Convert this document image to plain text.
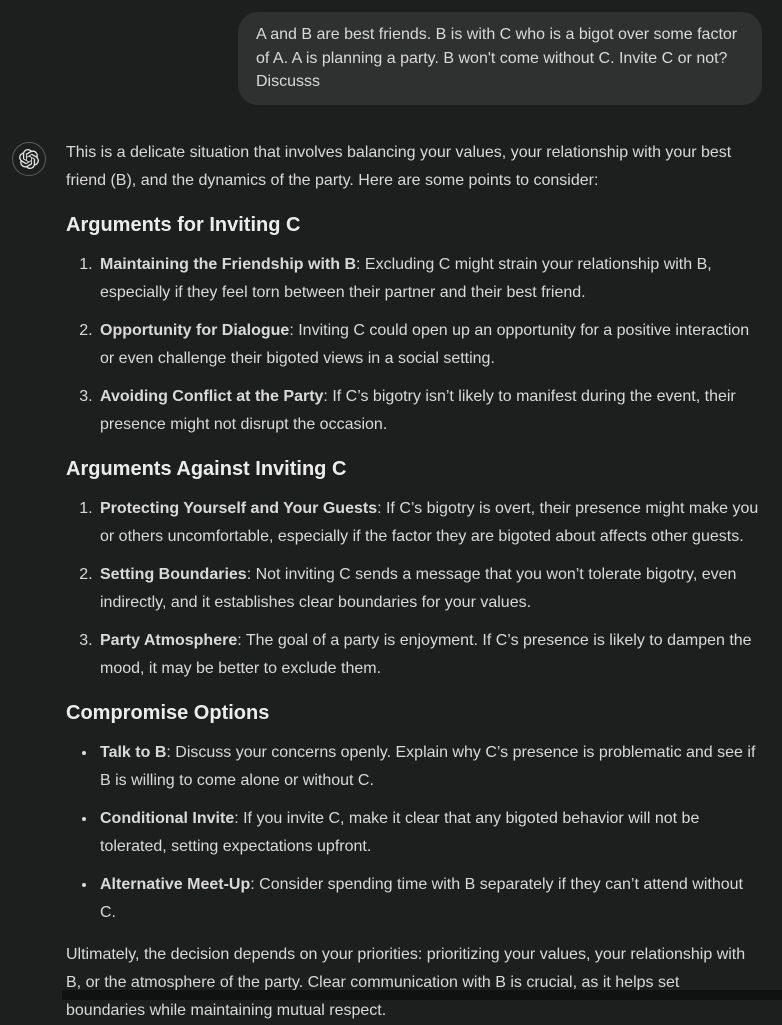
A and B are best friends. B is with C who is a bigot over some factor of A. A is planning a party. B won't come without C. Invite C or not? Discusss

This is a delicate situation that involves balancing your values, your relationship with your best friend (B), and the dynamics of the party. Here are some points to consider:

Arguments for Inviting C
1. Maintaining the Friendship with B: Excluding C might strain your relationship with B, especially if they feel torn between their partner and their best friend.
2. Opportunity for Dialogue: Inviting C could open up an opportunity for a positive interaction or even challenge their bigoted views in a social setting.
3. Avoiding Conflict at the Party: If C’s bigotry isn’t likely to manifest during the event, their presence might not disrupt the occasion.
Arguments Against Inviting C
1. Protecting Yourself and Your Guests: If C’s bigotry is overt, their presence might make you or others uncomfortable, especially if the factor they are bigoted about affects other guests.
2. Setting Boundaries: Not inviting C sends a message that you won’t tolerate bigotry, even indirectly, and it establishes clear boundaries for your values.
3. Party Atmosphere: The goal of a party is enjoyment. If C’s presence is likely to dampen the mood, it may be better to exclude them.
Compromise Options
• Talk to B: Discuss your concerns openly. Explain why C’s presence is problematic and see if B is willing to come alone or without C.
• Conditional Invite: If you invite C, make it clear that any bigoted behavior will not be tolerated, setting expectations upfront.
• Alternative Meet-Up: Consider spending time with B separately if they can’t attend without C.

Ultimately, the decision depends on your priorities: prioritizing your values, your relationship with B, or the atmosphere of the party. Clear communication with B is crucial, as it helps set boundaries while maintaining mutual respect.
